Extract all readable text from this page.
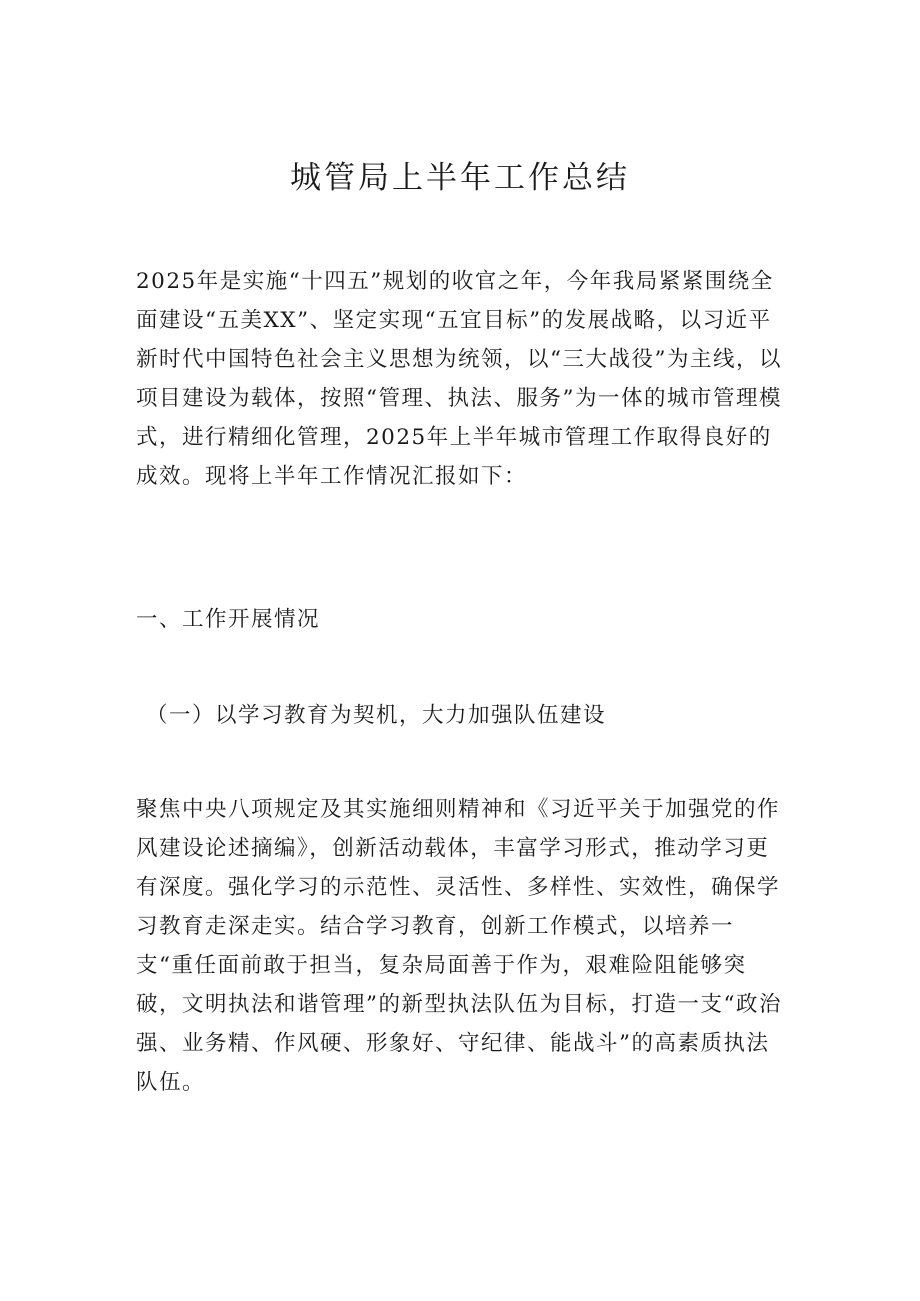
城管局上半年工作总结

2025年是实施“十四五”规划的收官之年，今年我局紧紧围绕全面建设“五美XX”、坚定实现“五宜目标”的发展战略，以习近平新时代中国特色社会主义思想为统领，以“三大战役”为主线，以项目建设为载体，按照“管理、执法、服务”为一体的城市管理模式，进行精细化管理，2025年上半年城市管理工作取得良好的成效。现将上半年工作情况汇报如下：

一、工作开展情况
（一）以学习教育为契机，大力加强队伍建设

聚焦中央八项规定及其实施细则精神和《习近平关于加强党的作风建设论述摘编》，创新活动载体，丰富学习形式，推动学习更有深度。强化学习的示范性、灵活性、多样性、实效性，确保学习教育走深走实。结合学习教育，创新工作模式，以培养一支“重任面前敢于担当，复杂局面善于作为，艰难险阻能够突破，文明执法和谐管理”的新型执法队伍为目标，打造一支“政治强、业务精、作风硬、形象好、守纪律、能战斗”的高素质执法队伍。
